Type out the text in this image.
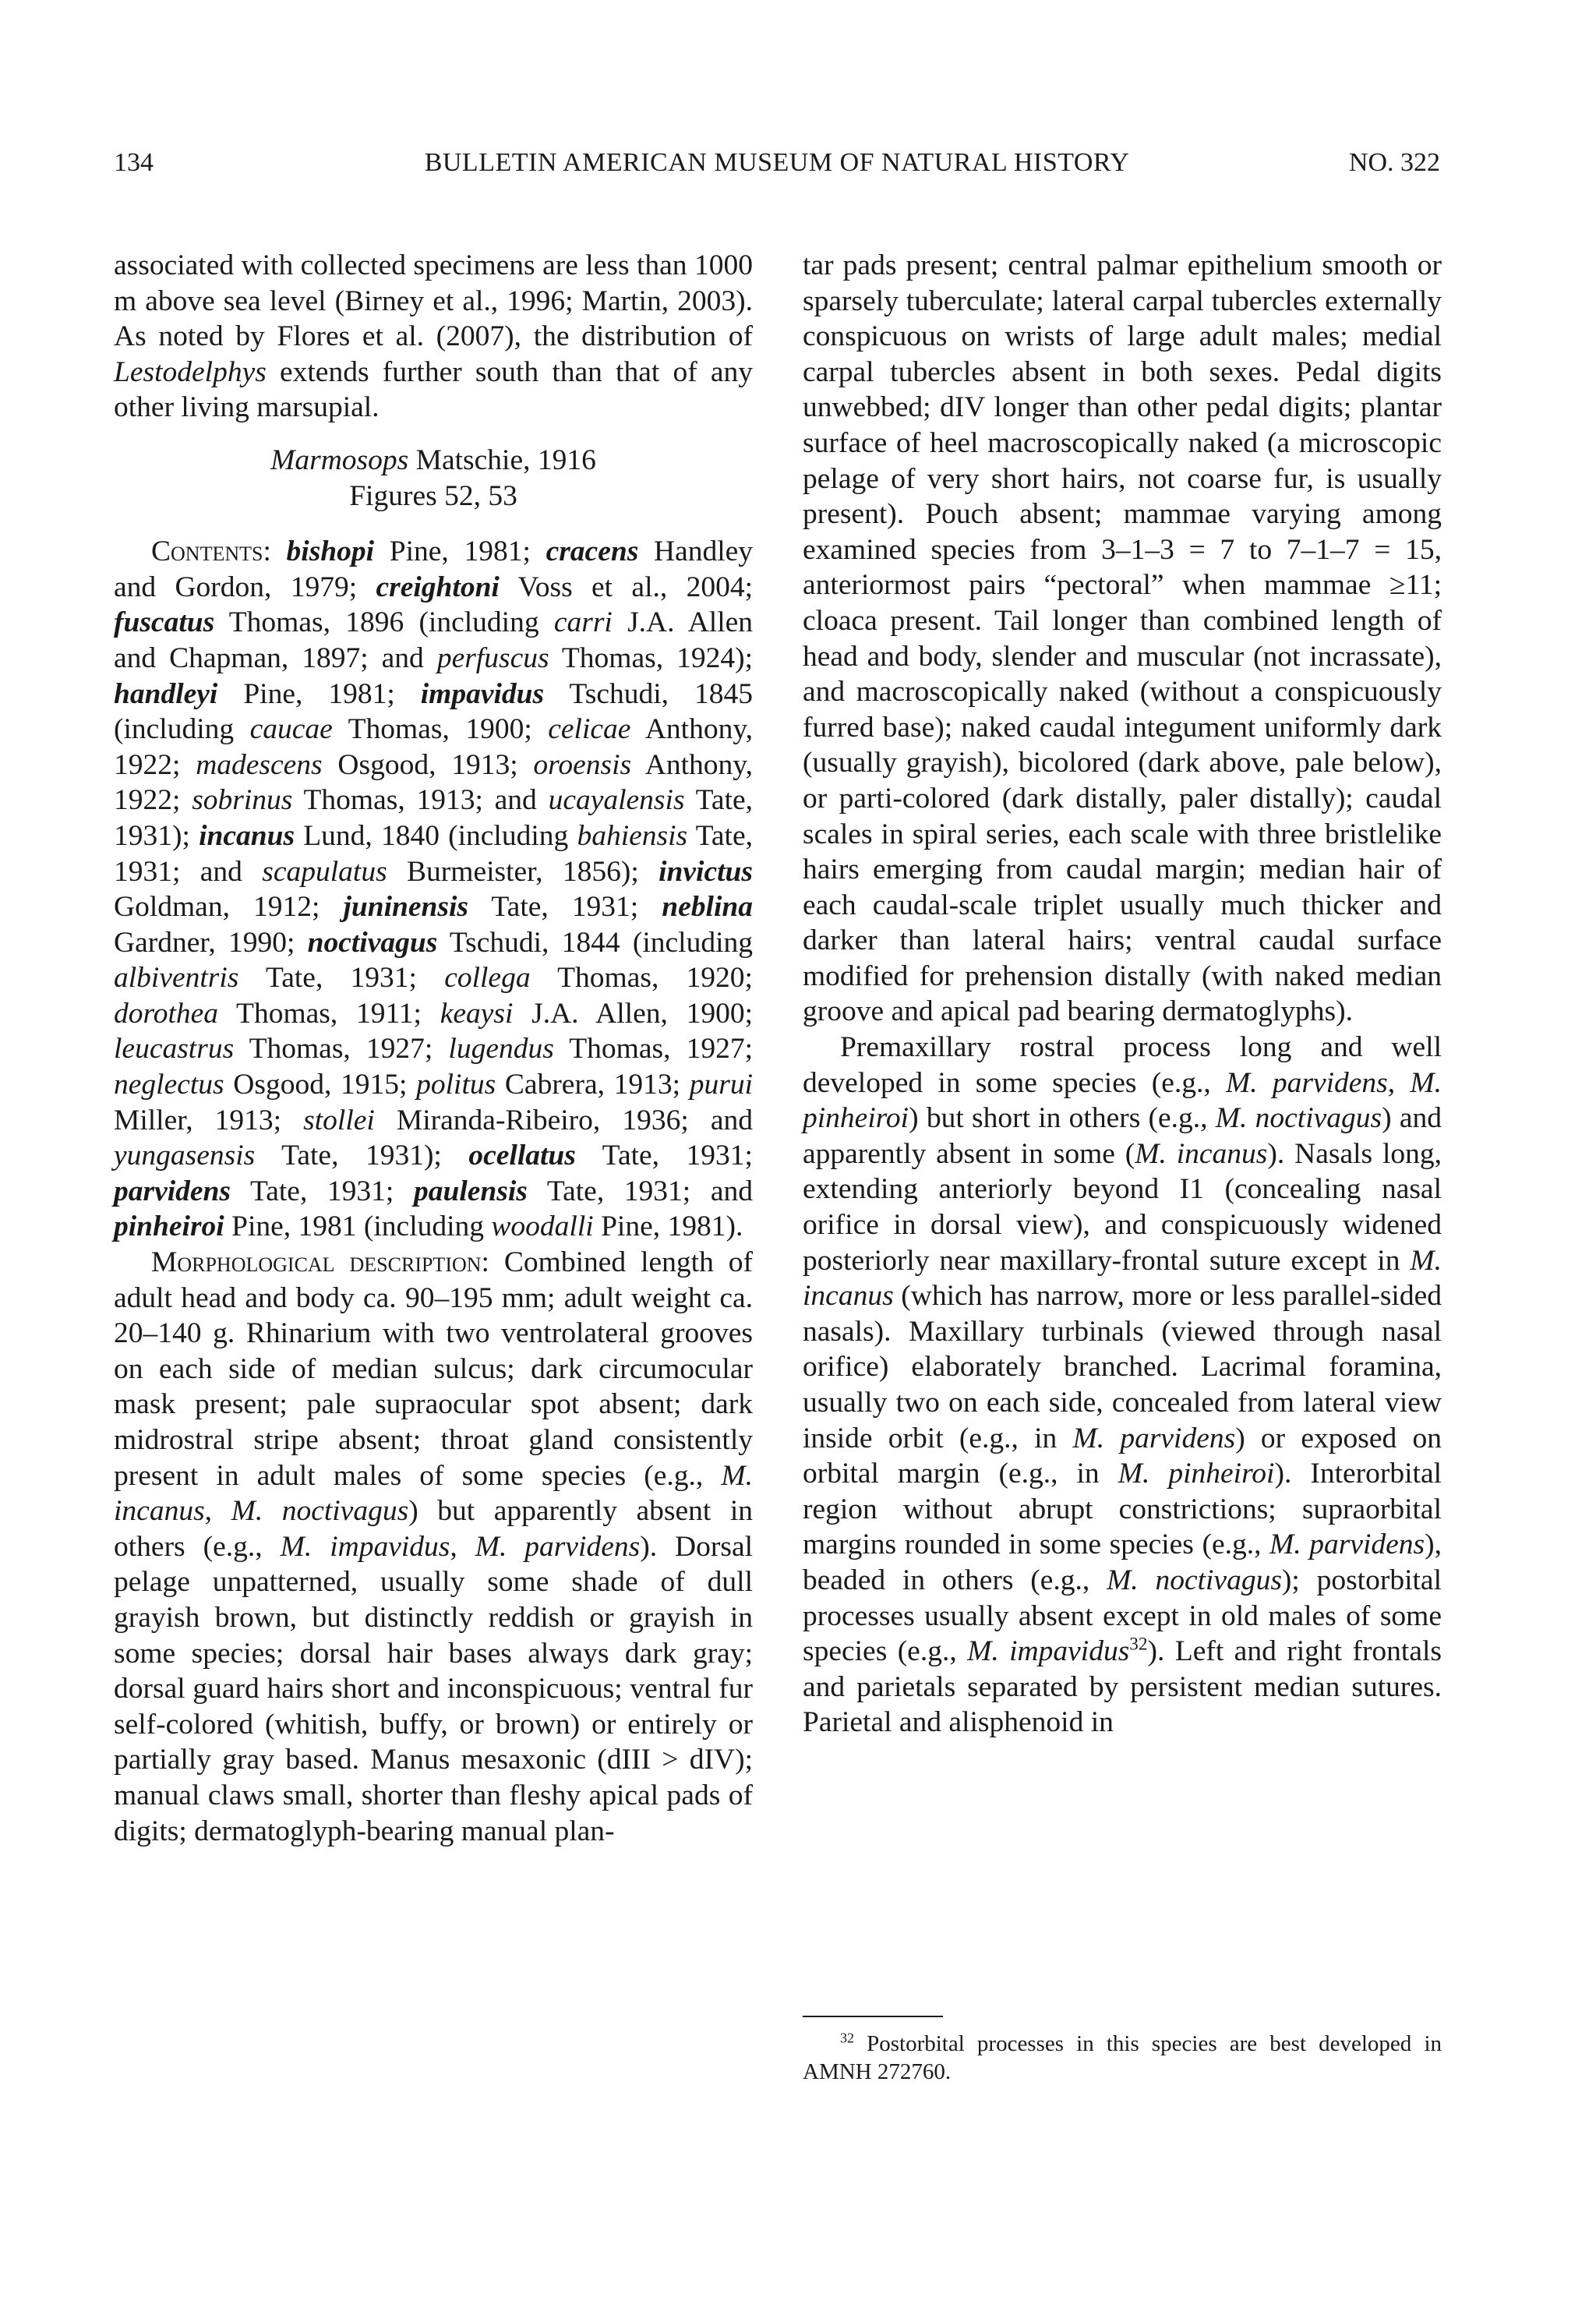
134	BULLETIN AMERICAN MUSEUM OF NATURAL HISTORY	NO. 322

associated with collected specimens are less than 1000 m above sea level (Birney et al., 1996; Martin, 2003). As noted by Flores et al. (2007), the distribution of Lestodelphys extends further south than that of any other living marsupial.

Marmosops Matschie, 1916
Figures 52, 53

Contents: bishopi Pine, 1981; cracens Handley and Gordon, 1979; creightoni Voss et al., 2004; fuscatus Thomas, 1896 (including carri J.A. Allen and Chapman, 1897; and perfuscus Thomas, 1924); handleyi Pine, 1981; impavidus Tschudi, 1845 (including caucae Thomas, 1900; celicae Anthony, 1922; madescens Osgood, 1913; oroensis Anthony, 1922; sobrinus Thomas, 1913; and ucayalensis Tate, 1931); incanus Lund, 1840 (including bahiensis Tate, 1931; and scapulatus Burmeister, 1856); invictus Goldman, 1912; juninensis Tate, 1931; neblina Gardner, 1990; noctivagus Tschudi, 1844 (including albiventris Tate, 1931; collega Thomas, 1920; dorothea Thomas, 1911; keaysi J.A. Allen, 1900; leucastrus Thomas, 1927; lugendus Thomas, 1927; neglectus Osgood, 1915; politus Cabrera, 1913; purui Miller, 1913; stollei Miranda-Ribeiro, 1936; and yungasensis Tate, 1931); ocellatus Tate, 1931; parvidens Tate, 1931; paulensis Tate, 1931; and pinheiroi Pine, 1981 (including woodalli Pine, 1981).

Morphological description: Combined length of adult head and body ca. 90–195 mm; adult weight ca. 20–140 g. Rhinarium with two ventrolateral grooves on each side of median sulcus; dark circumocular mask present; pale supraocular spot absent; dark midrostral stripe absent; throat gland consistently present in adult males of some species (e.g., M. incanus, M. noctivagus) but apparently absent in others (e.g., M. impavidus, M. parvidens). Dorsal pelage unpatterned, usually some shade of dull grayish brown, but distinctly reddish or grayish in some species; dorsal hair bases always dark gray; dorsal guard hairs short and inconspicuous; ventral fur self-colored (whitish, buffy, or brown) or entirely or partially gray based. Manus mesaxonic (dIII > dIV); manual claws small, shorter than fleshy apical pads of digits; dermatoglyph-bearing manual plan-

tar pads present; central palmar epithelium smooth or sparsely tuberculate; lateral carpal tubercles externally conspicuous on wrists of large adult males; medial carpal tubercles absent in both sexes. Pedal digits unwebbed; dIV longer than other pedal digits; plantar surface of heel macroscopically naked (a microscopic pelage of very short hairs, not coarse fur, is usually present). Pouch absent; mammae varying among examined species from 3–1–3 = 7 to 7–1–7 = 15, anteriormost pairs “pectoral” when mammae ≥11; cloaca present. Tail longer than combined length of head and body, slender and muscular (not incrassate), and macroscopically naked (without a conspicuously furred base); naked caudal integument uniformly dark (usually grayish), bicolored (dark above, pale below), or parti-colored (dark distally, paler distally); caudal scales in spiral series, each scale with three bristlelike hairs emerging from caudal margin; median hair of each caudal-scale triplet usually much thicker and darker than lateral hairs; ventral caudal surface modified for prehension distally (with naked median groove and apical pad bearing dermatoglyphs).

Premaxillary rostral process long and well developed in some species (e.g., M. parvidens, M. pinheiroi) but short in others (e.g., M. noctivagus) and apparently absent in some (M. incanus). Nasals long, extending anteriorly beyond I1 (concealing nasal orifice in dorsal view), and conspicuously widened posteriorly near maxillary-frontal suture except in M. incanus (which has narrow, more or less parallel-sided nasals). Maxillary turbinals (viewed through nasal orifice) elaborately branched. Lacrimal foramina, usually two on each side, concealed from lateral view inside orbit (e.g., in M. parvidens) or exposed on orbital margin (e.g., in M. pinheiroi). Interorbital region without abrupt constrictions; supraorbital margins rounded in some species (e.g., M. parvidens), beaded in others (e.g., M. noctivagus); postorbital processes usually absent except in old males of some species (e.g., M. impavidus$^{32}$). Left and right frontals and parietals separated by persistent median sutures. Parietal and alisphenoid in

$^{32}$ Postorbital processes in this species are best developed in AMNH 272760.
